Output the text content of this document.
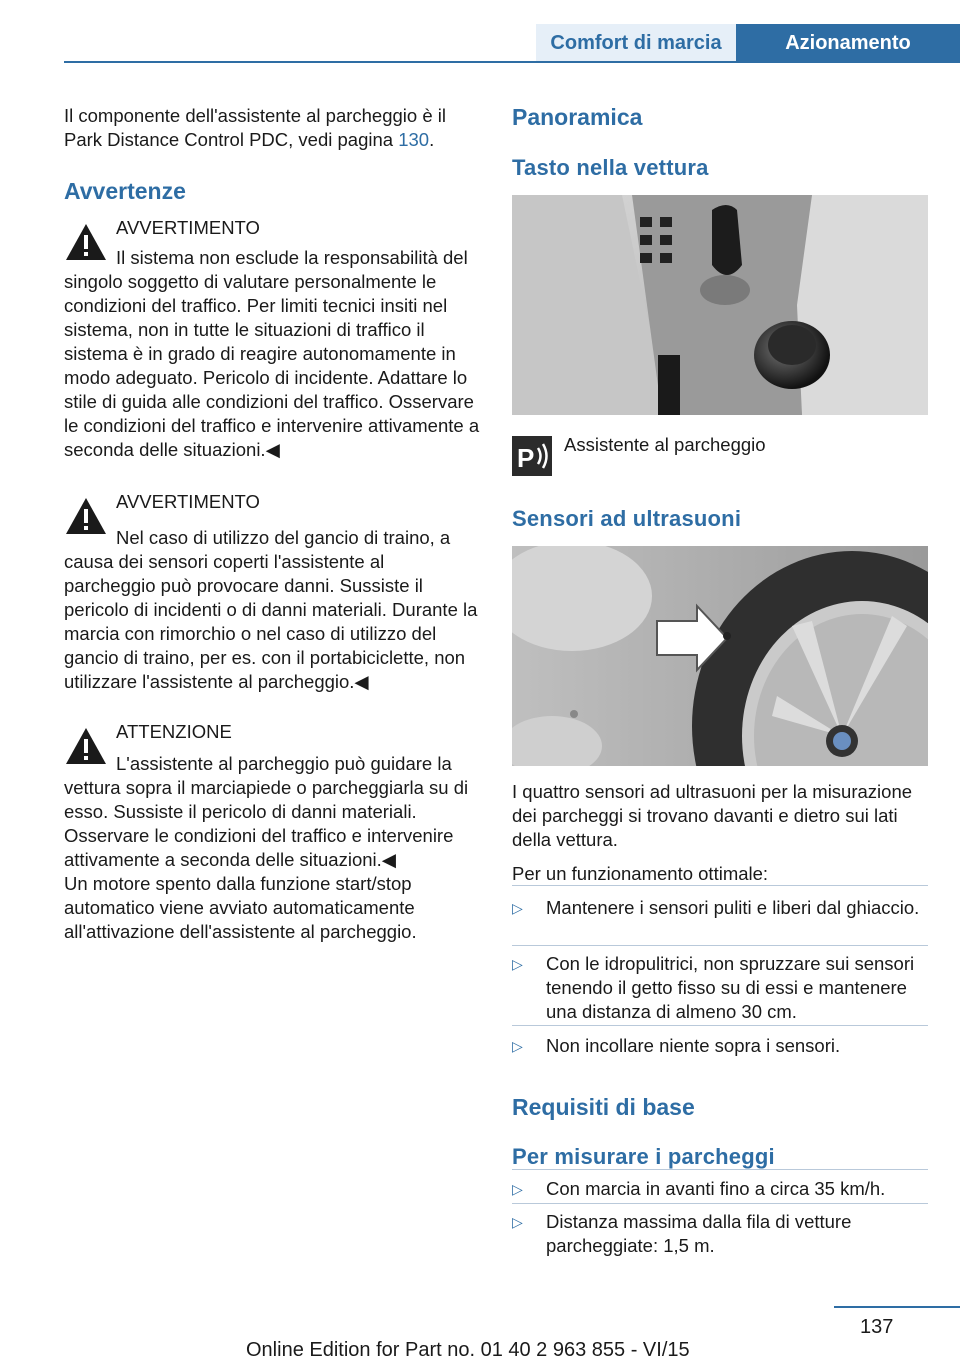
Comfort di marcia	Azionamento
Il componente dell'assistente al parcheggio è il Park Distance Control PDC, vedi pagina 130.
Avvertenze
AVVERTIMENTO
Il sistema non esclude la responsabilità del singolo soggetto di valutare personalmente le condizioni del traffico. Per limiti tecnici insiti nel sistema, non in tutte le situazioni di traffico il sistema è in grado di reagire autonomamente in modo adeguato. Pericolo di incidente. Adattare lo stile di guida alle condizioni del traffico. Osservare le condizioni del traffico e intervenire attivamente a seconda delle situazioni.◀
AVVERTIMENTO
Nel caso di utilizzo del gancio di traino, a causa dei sensori coperti l'assistente al parcheggio può provocare danni. Sussiste il pericolo di incidenti o di danni materiali. Durante la marcia con rimorchio o nel caso di utilizzo del gancio di traino, per es. con il portabiciclette, non utilizzare l'assistente al parcheggio.◀
ATTENZIONE
L'assistente al parcheggio può guidare la vettura sopra il marciapiede o parcheggiarla su di esso. Sussiste il pericolo di danni materiali. Osservare le condizioni del traffico e intervenire attivamente a seconda delle situazioni.◀
Un motore spento dalla funzione start/stop automatico viene avviato automaticamente all'attivazione dell'assistente al parcheggio.
Panoramica
Tasto nella vettura
P Assistente al parcheggio
Sensori ad ultrasuoni
I quattro sensori ad ultrasuoni per la misurazione dei parcheggi si trovano davanti e dietro sui lati della vettura.
Per un funzionamento ottimale:
▷ Mantenere i sensori puliti e liberi dal ghiaccio.
▷ Con le idropulitrici, non spruzzare sui sensori tenendo il getto fisso su di essi e mantenere una distanza di almeno 30 cm.
▷ Non incollare niente sopra i sensori.
Requisiti di base
Per misurare i parcheggi
▷ Con marcia in avanti fino a circa 35 km/h.
▷ Distanza massima dalla fila di vetture parcheggiate: 1,5 m.
137
Online Edition for Part no. 01 40 2 963 855 - VI/15
